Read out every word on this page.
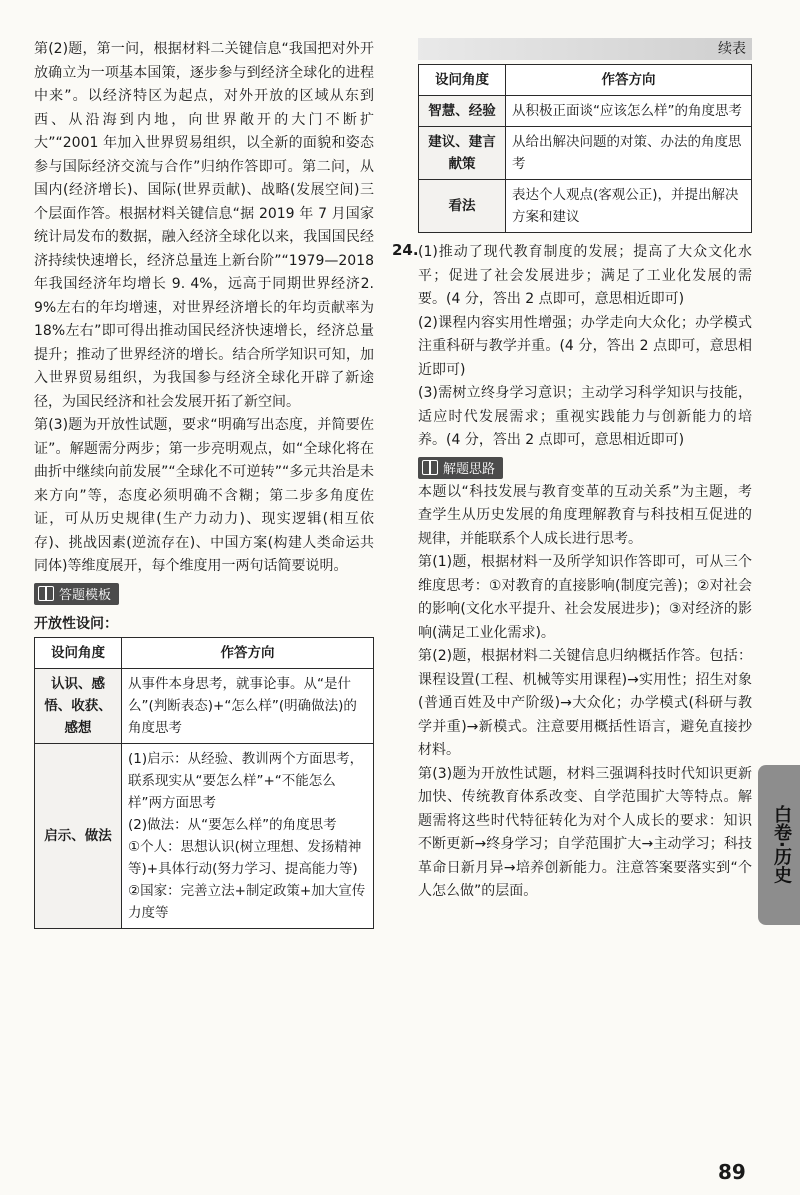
第(2)题，第一问，根据材料二关键信息“我国把对外开放确立为一项基本国策，逐步参与到经济全球化的进程中来”。以经济特区为起点，对外开放的区域从东到西、从沿海到内地，向世界敞开的大门不断扩大”“2001 年加入世界贸易组织，以全新的面貌和姿态参与国际经济交流与合作”归纳作答即可。第二问，从国内(经济增长)、国际(世界贡献)、战略(发展空间)三个层面作答。根据材料关键信息“据 2019 年 7 月国家统计局发布的数据，融入经济全球化以来，我国国民经济持续快速增长，经济总量连上新台阶”“1979—2018 年我国经济年均增长 9. 4%，远高于同期世界经济2. 9%左右的年均增速，对世界经济增长的年均贡献率为 18%左右”即可得出推动国民经济快速增长，经济总量提升；推动了世界经济的增长。结合所学知识可知，加入世界贸易组织，为我国参与经济全球化开辟了新途径，为国民经济和社会发展开拓了新空间。

第(3)题为开放性试题，要求“明确写出态度，并简要佐证”。解题需分两步；第一步亮明观点，如“全球化将在曲折中继续向前发展”“全球化不可逆转”“多元共治是未来方向”等，态度必须明确不含糊；第二步多角度佐证，可从历史规律(生产力动力)、现实逻辑(相互依存)、挑战因素(逆流存在)、中国方案(构建人类命运共同体)等维度展开，每个维度用一两句话简要说明。

答题模板
开放性设问：
设问角度	作答方向
认识、感悟、收获、感想	从事件本身思考，就事论事。从“是什么”(判断表态)+“怎么样”(明确做法)的角度思考
启示、做法	(1)启示：从经验、教训两个方面思考，联系现实从“要怎么样”+“不能怎么样”两方面思考
(2)做法：从“要怎么样”的角度思考
①个人：思想认识(树立理想、发扬精神等)+具体行动(努力学习、提高能力等)
②国家：完善立法+制定政策+加大宣传力度等
续表
设问角度	作答方向
智慧、经验	从积极正面谈“应该怎么样”的角度思考
建议、建言献策	从给出解决问题的对策、办法的角度思考
看法	表达个人观点(客观公正)，并提出解决方案和建议
24. (1)推动了现代教育制度的发展；提高了大众文化水平；促进了社会发展进步；满足了工业化发展的需要。(4 分，答出 2 点即可，意思相近即可)

(2)课程内容实用性增强；办学走向大众化；办学模式注重科研与教学并重。(4 分，答出 2 点即可，意思相近即可)

(3)需树立终身学习意识；主动学习科学知识与技能，适应时代发展需求；重视实践能力与创新能力的培养。(4 分，答出 2 点即可，意思相近即可)

解题思路

本题以“科技发展与教育变革的互动关系”为主题，考查学生从历史发展的角度理解教育与科技相互促进的规律，并能联系个人成长进行思考。

第(1)题，根据材料一及所学知识作答即可，可从三个维度思考：①对教育的直接影响(制度完善)；②对社会的影响(文化水平提升、社会发展进步)；③对经济的影响(满足工业化需求)。

第(2)题，根据材料二关键信息归纳概括作答。包括：课程设置(工程、机械等实用课程)→实用性；招生对象(普通百姓及中产阶级)→大众化；办学模式(科研与教学并重)→新模式。注意要用概括性语言，避免直接抄材料。

第(3)题为开放性试题，材料三强调科技时代知识更新加快、传统教育体系改变、自学范围扩大等特点。解题需将这些时代特征转化为对个人成长的要求：知识不断更新→终身学习；自学范围扩大→主动学习；科技革命日新月异→培养创新能力。注意答案要落实到“个人怎么做”的层面。

白卷·历史
89
